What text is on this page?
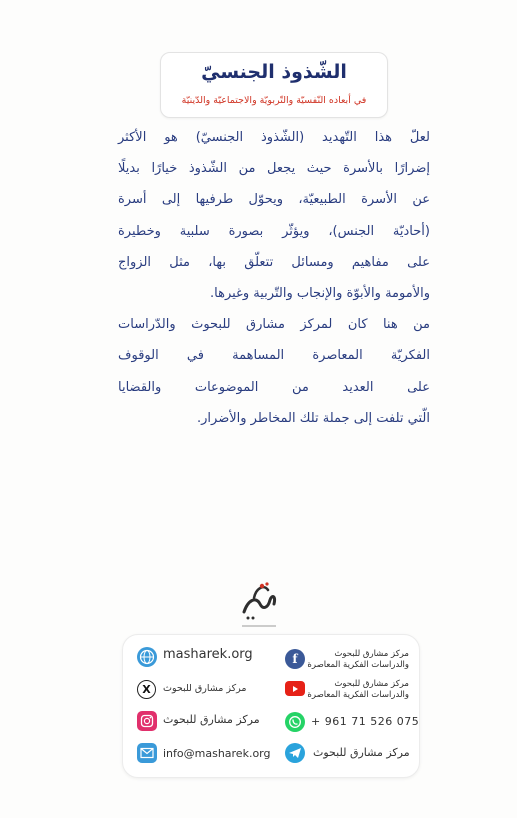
الشّذوذ الجنسيّ
في أبعاده النّفسيّة والتّربويّة والاجتماعيّة والدّينيّة
لعلّ هذا التّهديد (الشّذوذ الجنسيّ) هو الأكثر
إضرارًا بالأسرة حيث يجعل من الشّذوذ خيارًا بديلًا
عن الأسرة الطبيعيّة، ويحوّل طرفيها إلى أسرة
(أحاديّة الجنس)، ويؤثّر بصورة سلبية وخطيرة
على مفاهيم ومسائل تتعلّق بها، مثل الزواج
والأمومة والأبوّة والإنجاب والتّربية وغيرها.
من هنا كان لمركز مشارق للبحوث والدّراسات
الفكريّة المعاصرة المساهمة في الوقوف
على العديد من الموضوعات والقضايا
الّتي تلفت إلى جملة تلك المخاطر والأضرار.
masharek.org
X	مركز مشارق للبحوث
مركز مشارق للبحوث
info@masharek.org
f	مركز مشارق للبحوث
والدراسات الفكرية المعاصرة
مركز مشارق للبحوث
والدراسات الفكرية المعاصرة
+ 961 71 526 075
مركز مشارق للبحوث
